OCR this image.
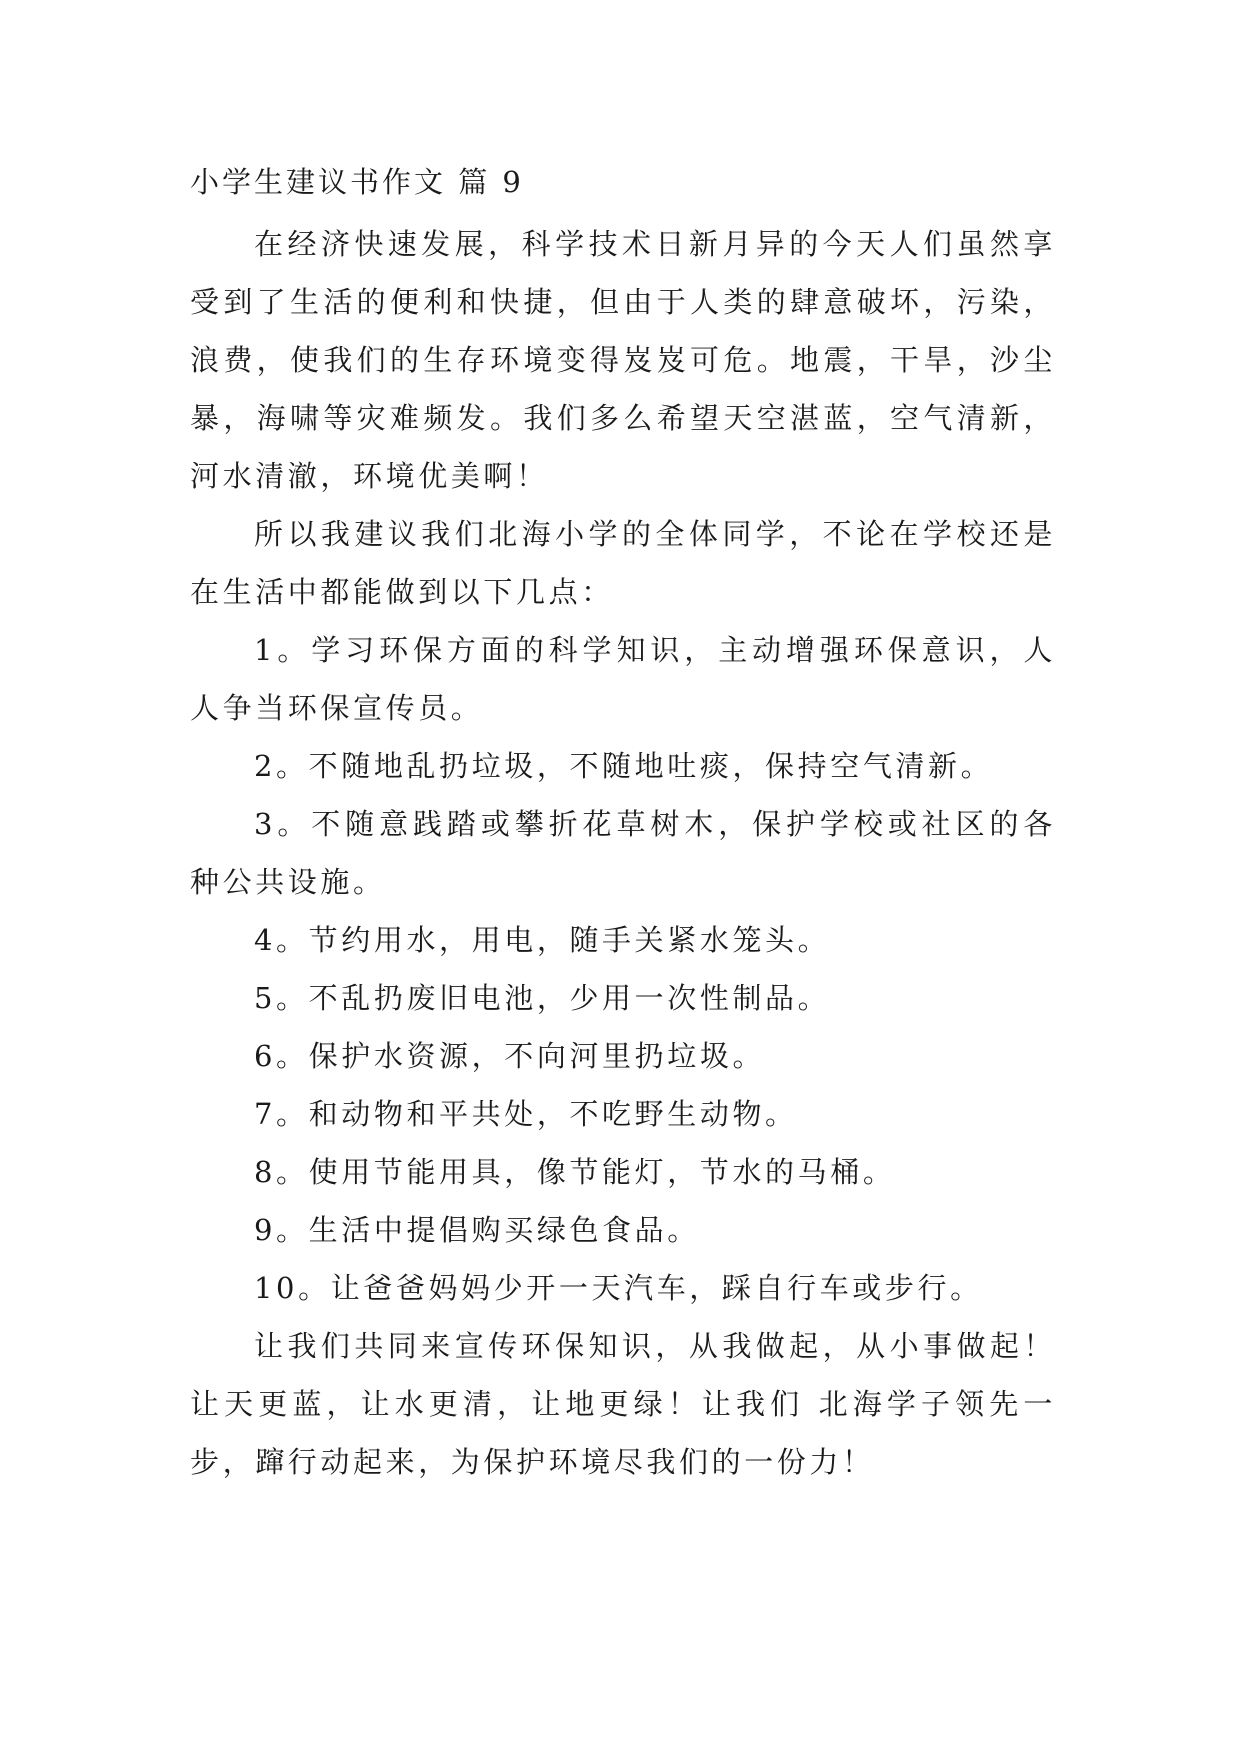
小学生建议书作文 篇 9

在经济快速发展，科学技术日新月异的今天人们虽然享受到了生活的便利和快捷，但由于人类的肆意破坏，污染，浪费，使我们的生存环境变得岌岌可危。地震，干旱，沙尘暴，海啸等灾难频发。我们多么希望天空湛蓝，空气清新，河水清澈，环境优美啊！

所以我建议我们北海小学的全体同学，不论在学校还是在生活中都能做到以下几点：

1。学习环保方面的科学知识，主动增强环保意识，人人争当环保宣传员。

2。不随地乱扔垃圾，不随地吐痰，保持空气清新。

3。不随意践踏或攀折花草树木，保护学校或社区的各种公共设施。

4。节约用水，用电，随手关紧水笼头。

5。不乱扔废旧电池，少用一次性制品。

6。保护水资源，不向河里扔垃圾。

7。和动物和平共处，不吃野生动物。

8。使用节能用具，像节能灯，节水的马桶。

9。生活中提倡购买绿色食品。

10。让爸爸妈妈少开一天汽车，踩自行车或步行。

让我们共同来宣传环保知识，从我做起，从小事做起！让天更蓝，让水更清，让地更绿！让我们 北海学子领先一步，蹿行动起来，为保护环境尽我们的一份力！
